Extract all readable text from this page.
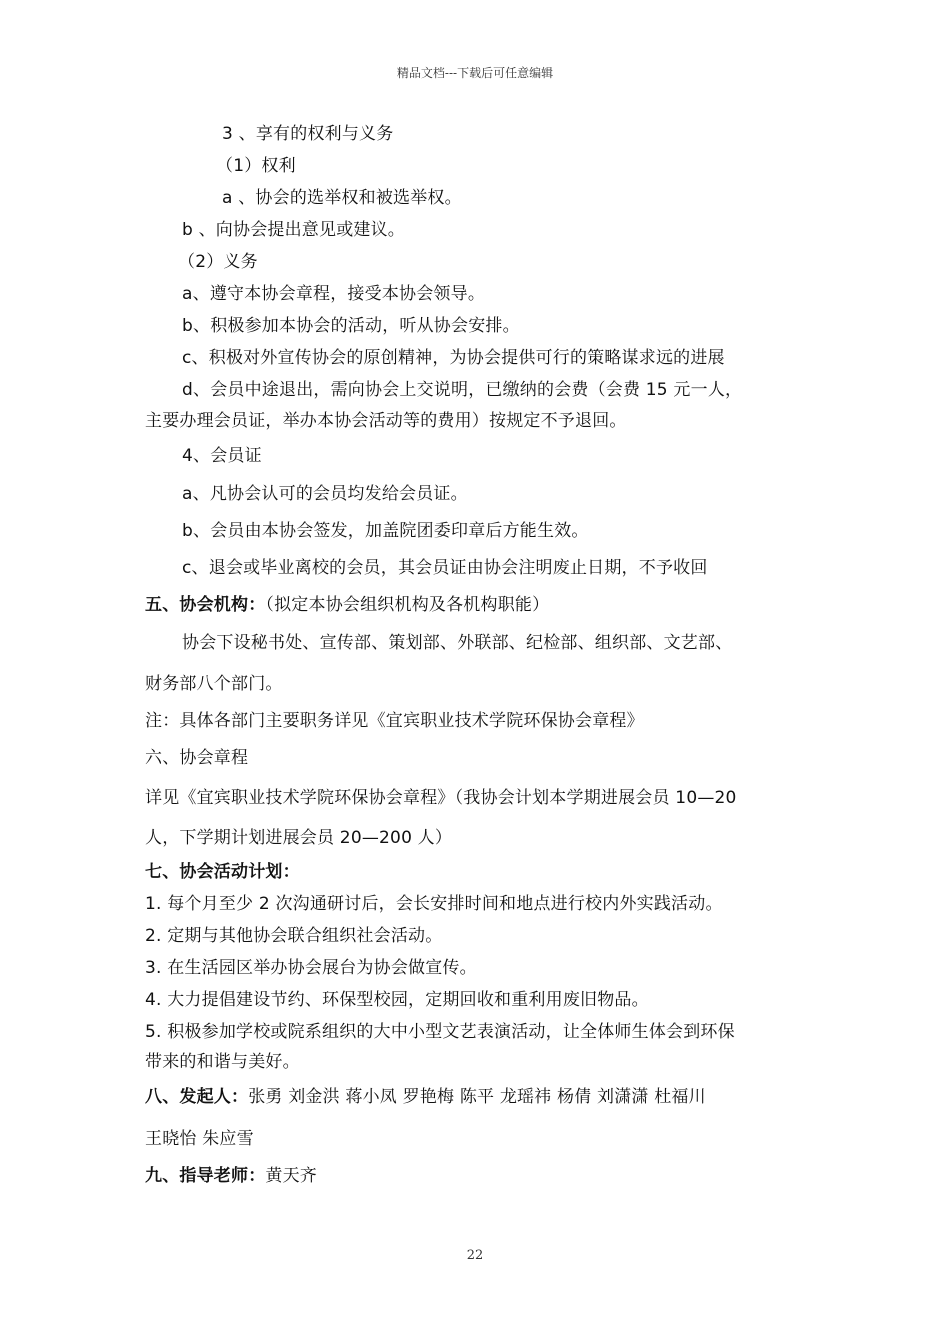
精品文档---下载后可任意编辑
3 、享有的权利与义务
（1）权利
a 、协会的选举权和被选举权。
b 、向协会提出意见或建议。
（2）义务
a、遵守本协会章程，接受本协会领导。
b、积极参加本协会的活动，听从协会安排。
c、积极对外宣传协会的原创精神，为协会提供可行的策略谋求远的进展
d、会员中途退出，需向协会上交说明，已缴纳的会费（会费 15 元一人，
主要办理会员证，举办本协会活动等的费用）按规定不予退回。
4、会员证
a、凡协会认可的会员均发给会员证。
b、会员由本协会签发，加盖院团委印章后方能生效。
c、退会或毕业离校的会员，其会员证由协会注明废止日期，不予收回
五、协会机构：（拟定本协会组织机构及各机构职能）
协会下设秘书处、宣传部、策划部、外联部、纪检部、组织部、文艺部、
财务部八个部门。
注：具体各部门主要职务详见《宜宾职业技术学院环保协会章程》
六、协会章程
详见《宜宾职业技术学院环保协会章程》（我协会计划本学期进展会员 10—20
人，下学期计划进展会员 20—200 人）
七、协会活动计划：
1. 每个月至少 2 次沟通研讨后，会长安排时间和地点进行校内外实践活动。
2. 定期与其他协会联合组织社会活动。
3. 在生活园区举办协会展台为协会做宣传。
4. 大力提倡建设节约、环保型校园，定期回收和重利用废旧物品。
5. 积极参加学校或院系组织的大中小型文艺表演活动，让全体师生体会到环保
带来的和谐与美好。
八、发起人：张勇 刘金洪 蒋小凤 罗艳梅 陈平 龙瑶祎 杨倩 刘潇潇 杜福川
王晓怡 朱应雪
九、指导老师：黄天齐
22
